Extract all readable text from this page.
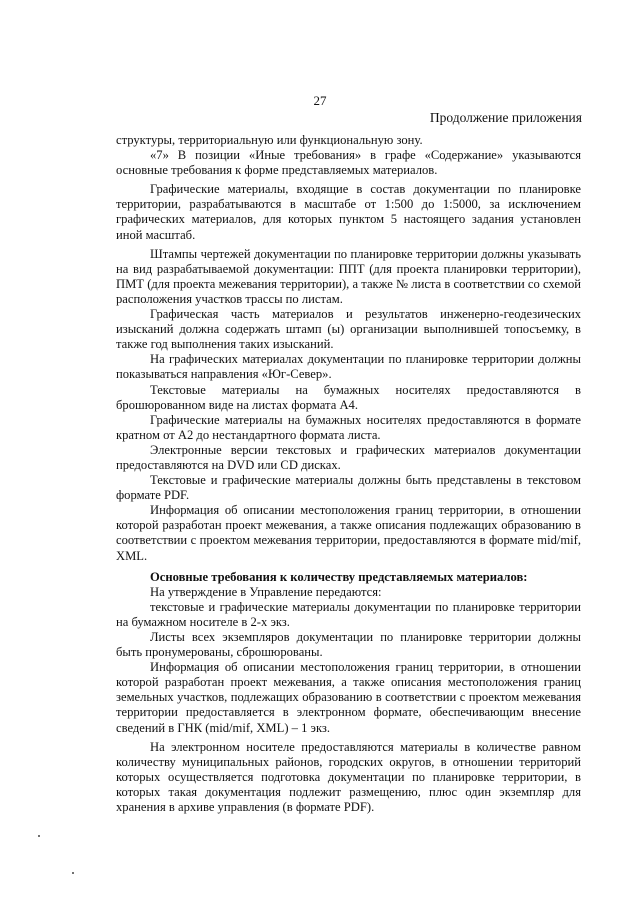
27
Продолжение приложения

структуры, территориальную или функциональную зону.

«7» В позиции «Иные требования» в графе «Содержание» указываются основные требования к форме представляемых материалов.

Графические материалы, входящие в состав документации по планировке территории, разрабатываются в масштабе от 1:500 до 1:5000, за исключением графических материалов, для которых пунктом 5 настоящего задания установлен иной масштаб.

Штампы чертежей документации по планировке территории должны указывать на вид разрабатываемой документации: ППТ (для проекта планировки территории), ПМТ (для проекта межевания территории), а также № листа в соответствии со схемой расположения участков трассы по листам.

Графическая часть материалов и результатов инженерно-геодезических изысканий должна содержать штамп (ы) организации выполнившей топосъемку, в также год выполнения таких изысканий.

На графических материалах документации по планировке территории должны показываться направления «Юг-Север».

Текстовые материалы на бумажных носителях предоставляются в брошюрованном виде на листах формата А4.

Графические материалы на бумажных носителях предоставляются в формате кратном от А2 до нестандартного формата листа.

Электронные версии текстовых и графических материалов документации предоставляются на DVD или CD дисках.

Текстовые и графические материалы должны быть представлены в текстовом формате PDF.

Информация об описании местоположения границ территории, в отношении которой разработан проект межевания, а также описания подлежащих образованию в соответствии с проектом межевания территории, предоставляются в формате mid/mif, XML.

Основные требования к количеству представляемых материалов:

На утверждение в Управление передаются:

текстовые и графические материалы документации по планировке территории на бумажном носителе в 2-х экз.

Листы всех экземпляров документации по планировке территории должны быть пронумерованы, сброшюрованы.

Информация об описании местоположения границ территории, в отношении которой разработан проект межевания, а также описания местоположения границ земельных участков, подлежащих образованию в соответствии с проектом межевания территории предоставляется в электронном формате, обеспечивающим внесение сведений в ГНК (mid/mif, XML) – 1 экз.

На электронном носителе предоставляются материалы в количестве равном количеству муниципальных районов, городских округов, в отношении территорий которых осуществляется подготовка документации по планировке территории, в которых такая документация подлежит размещению, плюс один экземпляр для хранения в архиве управления (в формате PDF).
